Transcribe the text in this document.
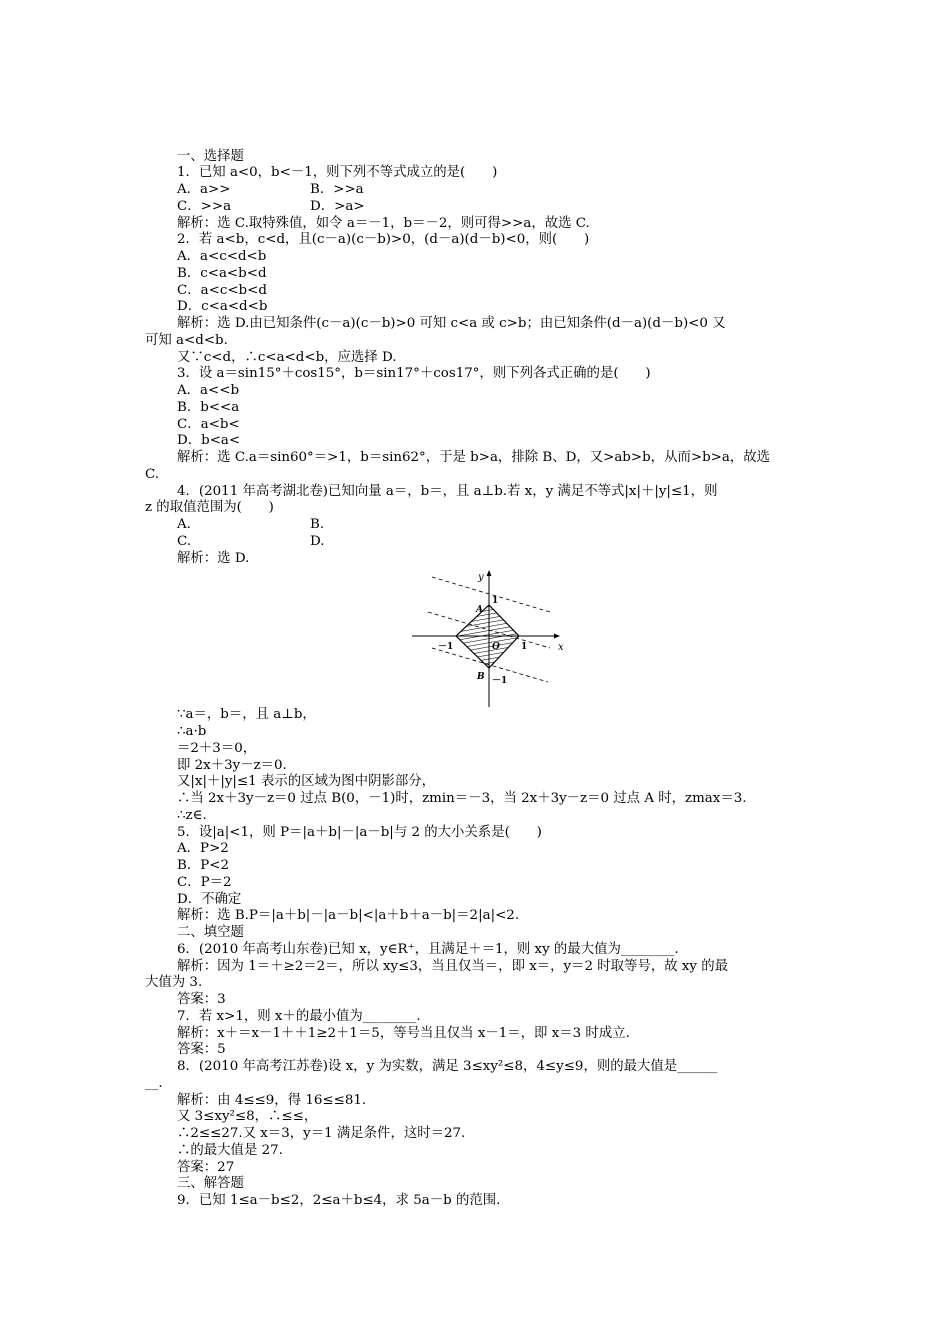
一、选择题
1．已知 a<0，b<－1，则下列不等式成立的是(　　)
A．a>>	B．>>a
C．>>a	D．>a>
解析：选 C.取特殊值，如令 a＝－1，b＝－2，则可得>>a，故选 C.
2．若 a<b，c<d，且(c－a)(c－b)>0，(d－a)(d－b)<0，则(　　)
A．a<c<d<b
B．c<a<b<d
C．a<c<b<d
D．c<a<d<b
解析：选 D.由已知条件(c－a)(c－b)>0 可知 c<a 或 c>b；由已知条件(d－a)(d－b)<0 又
可知 a<d<b.
又∵c<d，∴c<a<d<b，应选择 D.
3．设 a＝sin15°＋cos15°，b＝sin17°＋cos17°，则下列各式正确的是(　　)
A．a<<b
B．b<<a
C．a<b<
D．b<a<
解析：选 C.a＝sin60°＝>1，b＝sin62°，于是 b>a，排除 B、D，又>ab>b，从而>b>a，故选
C.
4．(2011 年高考湖北卷)已知向量 a＝，b＝，且 a⊥b.若 x，y 满足不等式|x|＋|y|≤1，则
z 的取值范围为(　　)
A.	B.
C.	D.
解析：选 D.
∵a＝，b＝，且 a⊥b，
∴a·b
＝2＋3＝0，
即 2x＋3y－z＝0.
又|x|＋|y|≤1 表示的区域为图中阴影部分，
∴当 2x＋3y－z＝0 过点 B(0，－1)时，zmin＝－3，当 2x＋3y－z＝0 过点 A 时，zmax＝3.
∴z∈.
5．设|a|<1，则 P＝|a＋b|－|a－b|与 2 的大小关系是(　　)
A．P>2
B．P<2
C．P＝2
D．不确定
解析：选 B.P＝|a＋b|－|a－b|<|a＋b＋a－b|＝2|a|<2.
二、填空题
6．(2010 年高考山东卷)已知 x，y∈R⁺，且满足＋＝1，则 xy 的最大值为________.
解析：因为 1＝＋≥2＝2＝，所以 xy≤3，当且仅当＝，即 x＝，y＝2 时取等号，故 xy 的最
大值为 3.
答案：3
7．若 x>1，则 x＋的最小值为________.
解析：x＋＝x－1＋＋1≥2＋1＝5，等号当且仅当 x－1＝，即 x＝3 时成立.
答案：5
8．(2010 年高考江苏卷)设 x，y 为实数，满足 3≤xy²≤8，4≤y≤9，则的最大值是______
__.
解析：由 4≤≤9，得 16≤≤81.
又 3≤xy²≤8，∴≤≤，
∴2≤≤27.又 x＝3，y＝1 满足条件，这时＝27.
∴的最大值是 27.
答案：27
三、解答题
9．已知 1≤a－b≤2，2≤a＋b≤4，求 5a－b 的范围.
y
x
O
A
B
1
－1
－1	1
